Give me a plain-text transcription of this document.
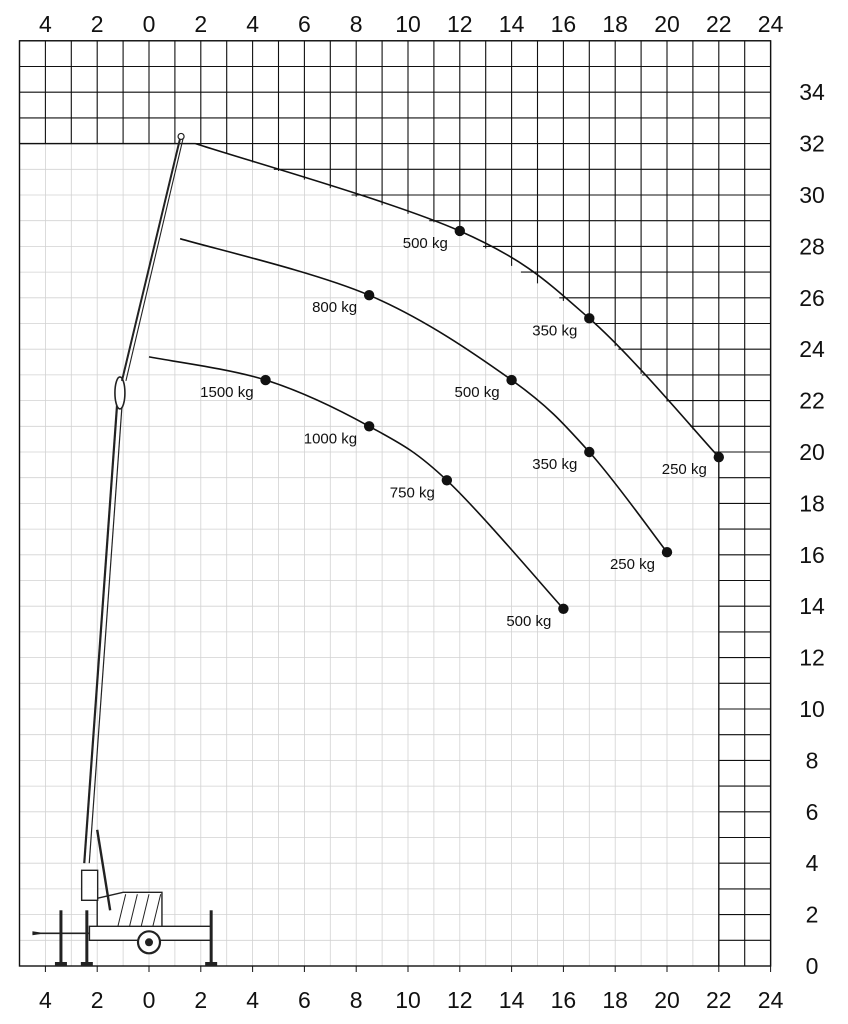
500 kg
350 kg
250 kg
800 kg
500 kg
350 kg
250 kg
1500 kg
1000 kg
750 kg
500 kg
4
4
2
2
0
0
2
2
4
4
6
6
8
8
10
10
12
12
14
14
16
16
18
18
20
20
22
22
24
24
0
2
4
6
8
10
12
14
16
18
20
22
24
26
28
30
32
34
